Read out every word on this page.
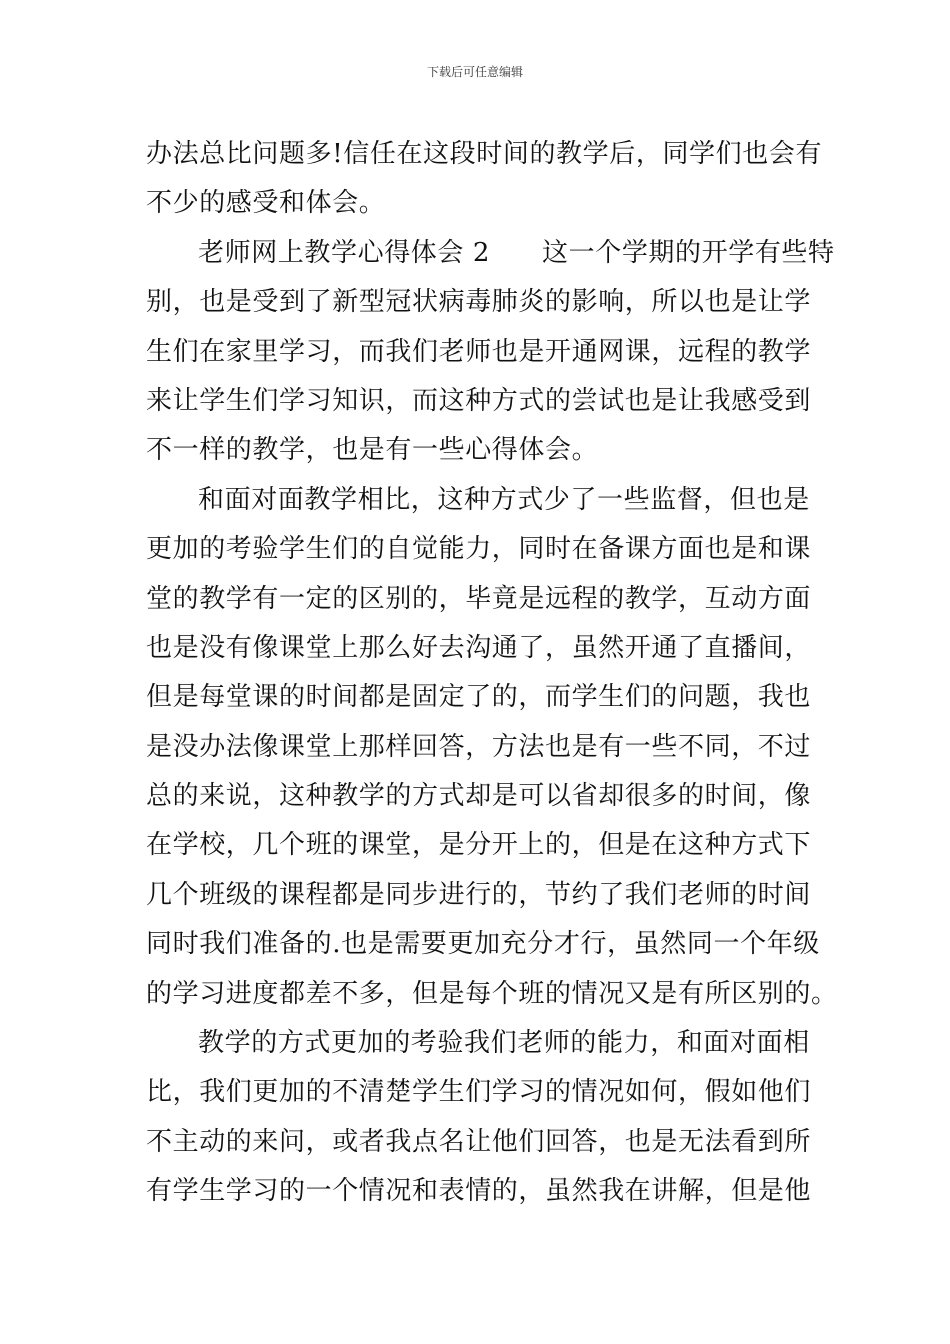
下载后可任意编辑
办法总比问题多!信任在这段时间的教学后，同学们也会有
不少的感受和体会。
老师网上教学心得体会 2 这一个学期的开学有些特
别，也是受到了新型冠状病毒肺炎的影响，所以也是让学
生们在家里学习，而我们老师也是开通网课，远程的教学
来让学生们学习知识，而这种方式的尝试也是让我感受到
不一样的教学，也是有一些心得体会。
和面对面教学相比，这种方式少了一些监督，但也是
更加的考验学生们的自觉能力，同时在备课方面也是和课
堂的教学有一定的区别的，毕竟是远程的教学，互动方面
也是没有像课堂上那么好去沟通了，虽然开通了直播间，
但是每堂课的时间都是固定了的，而学生们的问题，我也
是没办法像课堂上那样回答，方法也是有一些不同，不过
总的来说，这种教学的方式却是可以省却很多的时间，像
在学校，几个班的课堂，是分开上的，但是在这种方式下
几个班级的课程都是同步进行的，节约了我们老师的时间
同时我们准备的.也是需要更加充分才行，虽然同一个年级
的学习进度都差不多，但是每个班的情况又是有所区别的。
教学的方式更加的考验我们老师的能力，和面对面相
比，我们更加的不清楚学生们学习的情况如何，假如他们
不主动的来问，或者我点名让他们回答，也是无法看到所
有学生学习的一个情况和表情的，虽然我在讲解，但是他
